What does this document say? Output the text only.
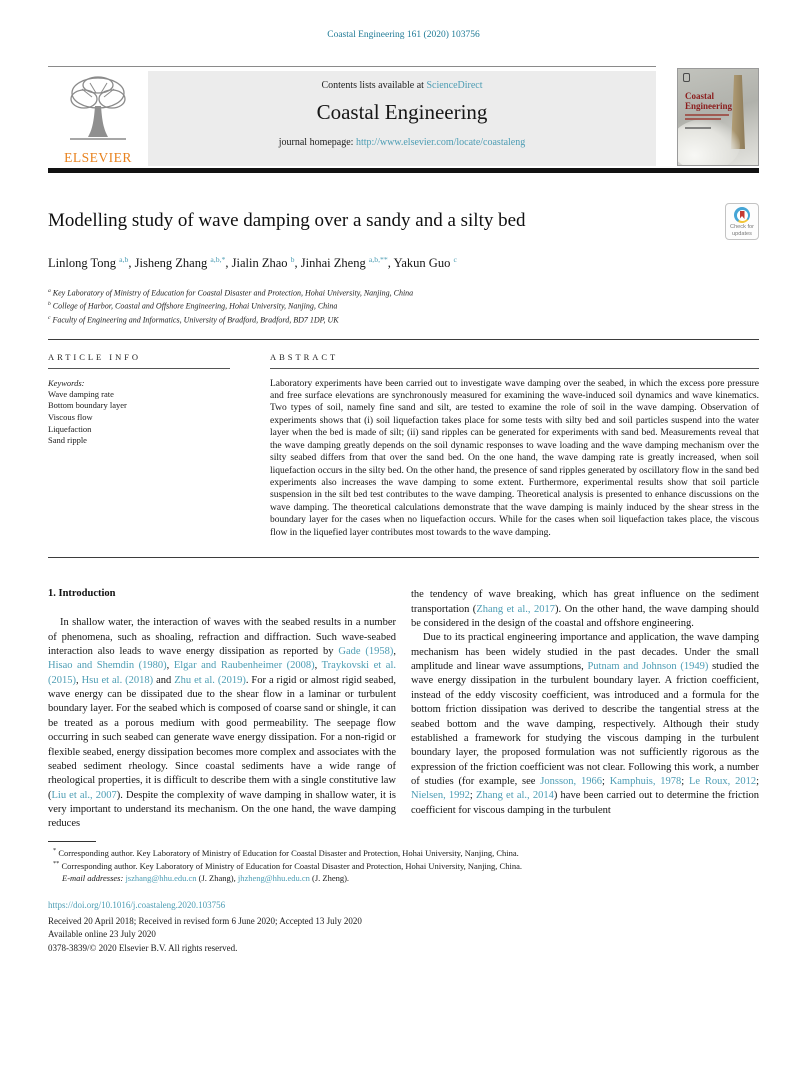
Coastal Engineering 161 (2020) 103756
ELSEVIER
Contents lists available at ScienceDirect
Coastal Engineering
journal homepage: http://www.elsevier.com/locate/coastaleng
Coastal
Engineering
Modelling study of wave damping over a sandy and a silty bed	Check for
updates
Linlong Tong $^{a,b}$, Jisheng Zhang $^{a,b,*}$, Jialin Zhao $^b$, Jinhai Zheng $^{a,b,**}$, Yakun Guo $^c$
$^a$ Key Laboratory of Ministry of Education for Coastal Disaster and Protection, Hohai University, Nanjing, China
$^b$ College of Harbor, Coastal and Offshore Engineering, Hohai University, Nanjing, China
$^c$ Faculty of Engineering and Informatics, University of Bradford, Bradford, BD7 1DP, UK
ARTICLE INFO
Keywords:
Wave damping rate
Bottom boundary layer
Viscous flow
Liquefaction
Sand ripple
ABSTRACT

Laboratory experiments have been carried out to investigate wave damping over the seabed, in which the excess pore pressure and free surface elevations are synchronously measured for examining the wave-induced soil dynamics and wave kinematics. Two types of soil, namely fine sand and silt, are tested to examine the role of soil in the wave damping. Observation of experiments shows that (i) soil liquefaction takes place for some tests with silty bed and soil particles suspend into the water layer when the bed is made of silt; (ii) sand ripples can be generated for experiments with sand bed. Measurements reveal that the wave damping greatly depends on the soil dynamic responses to wave loading and the wave damping mechanism over the silty seabed differs from that over the sand bed. On the one hand, the wave damping rate is greatly increased, when soil liquefaction occurs in the silty bed. On the other hand, the presence of sand ripples generated by oscillatory flow in the sand bed experiments also increases the wave damping to some extent. Furthermore, experimental results show that soil particle suspension in the silt bed test contributes to the wave damping. Theoretical analysis is presented to enhance discussions on the wave damping. The theoretical calculations demonstrate that the wave damping is mainly induced by the shear stress in the boundary layer for the cases when no liquefaction occurs. While for the cases when soil liquefaction takes place, the viscous flow in the liquefied layer contributes most towards to the wave damping.

1. Introduction

In shallow water, the interaction of waves with the seabed results in a number of phenomena, such as shoaling, refraction and diffraction. Such wave-seabed interaction also leads to wave energy dissipation as reported by Gade (1958), Hisao and Shemdin (1980), Elgar and Raubenheimer (2008), Traykovski et al. (2015), Hsu et al. (2018) and Zhu et al. (2019). For a rigid or almost rigid seabed, wave energy can be dissipated due to the shear flow in a laminar or turbulent boundary layer. For the seabed which is composed of coarse sand or shingle, it can be treated as a porous medium with good permeability. The seepage flow occurring in such seabed can generate wave energy dissipation. For a non-rigid or flexible seabed, energy dissipation becomes more complex and associates with the seabed sediment rheology. Since coastal sediments have a wide range of rheological properties, it is difficult to describe them with a single constitutive law (Liu et al., 2007). Despite the complexity of wave damping in shallow water, it is very important to understand its mechanism. On the one hand, the wave damping reduces

the tendency of wave breaking, which has great influence on the sediment transportation (Zhang et al., 2017). On the other hand, the wave damping should be considered in the design of the coastal and offshore engineering.

Due to its practical engineering importance and application, the wave damping mechanism has been widely studied in the past decades. Under the small amplitude and linear wave assumptions, Putnam and Johnson (1949) studied the wave energy dissipation in the turbulent boundary layer. A friction coefficient, instead of the eddy viscosity coefficient, was introduced and a formula for the bottom friction dissipation was derived to describe the tangential stress at the seabed bottom and the wave damping, respectively. Although their study established a framework for studying the viscous damping in the turbulent boundary layer, the proposed formulation was not sufficiently rigorous as the expression of the friction coefficient was not clear. Following this work, a number of studies (for example, see Jonsson, 1966; Kamphuis, 1978; Le Roux, 2012; Nielsen, 1992; Zhang et al., 2014) have been carried out to determine the friction coefficient for viscous damping in the turbulent

* Corresponding author. Key Laboratory of Ministry of Education for Coastal Disaster and Protection, Hohai University, Nanjing, China.
** Corresponding author. Key Laboratory of Ministry of Education for Coastal Disaster and Protection, Hohai University, Nanjing, China.
E-mail addresses: jszhang@hhu.edu.cn (J. Zhang), jhzheng@hhu.edu.cn (J. Zheng).
https://doi.org/10.1016/j.coastaleng.2020.103756
Received 20 April 2018; Received in revised form 6 June 2020; Accepted 13 July 2020
Available online 23 July 2020
0378-3839/© 2020 Elsevier B.V. All rights reserved.
